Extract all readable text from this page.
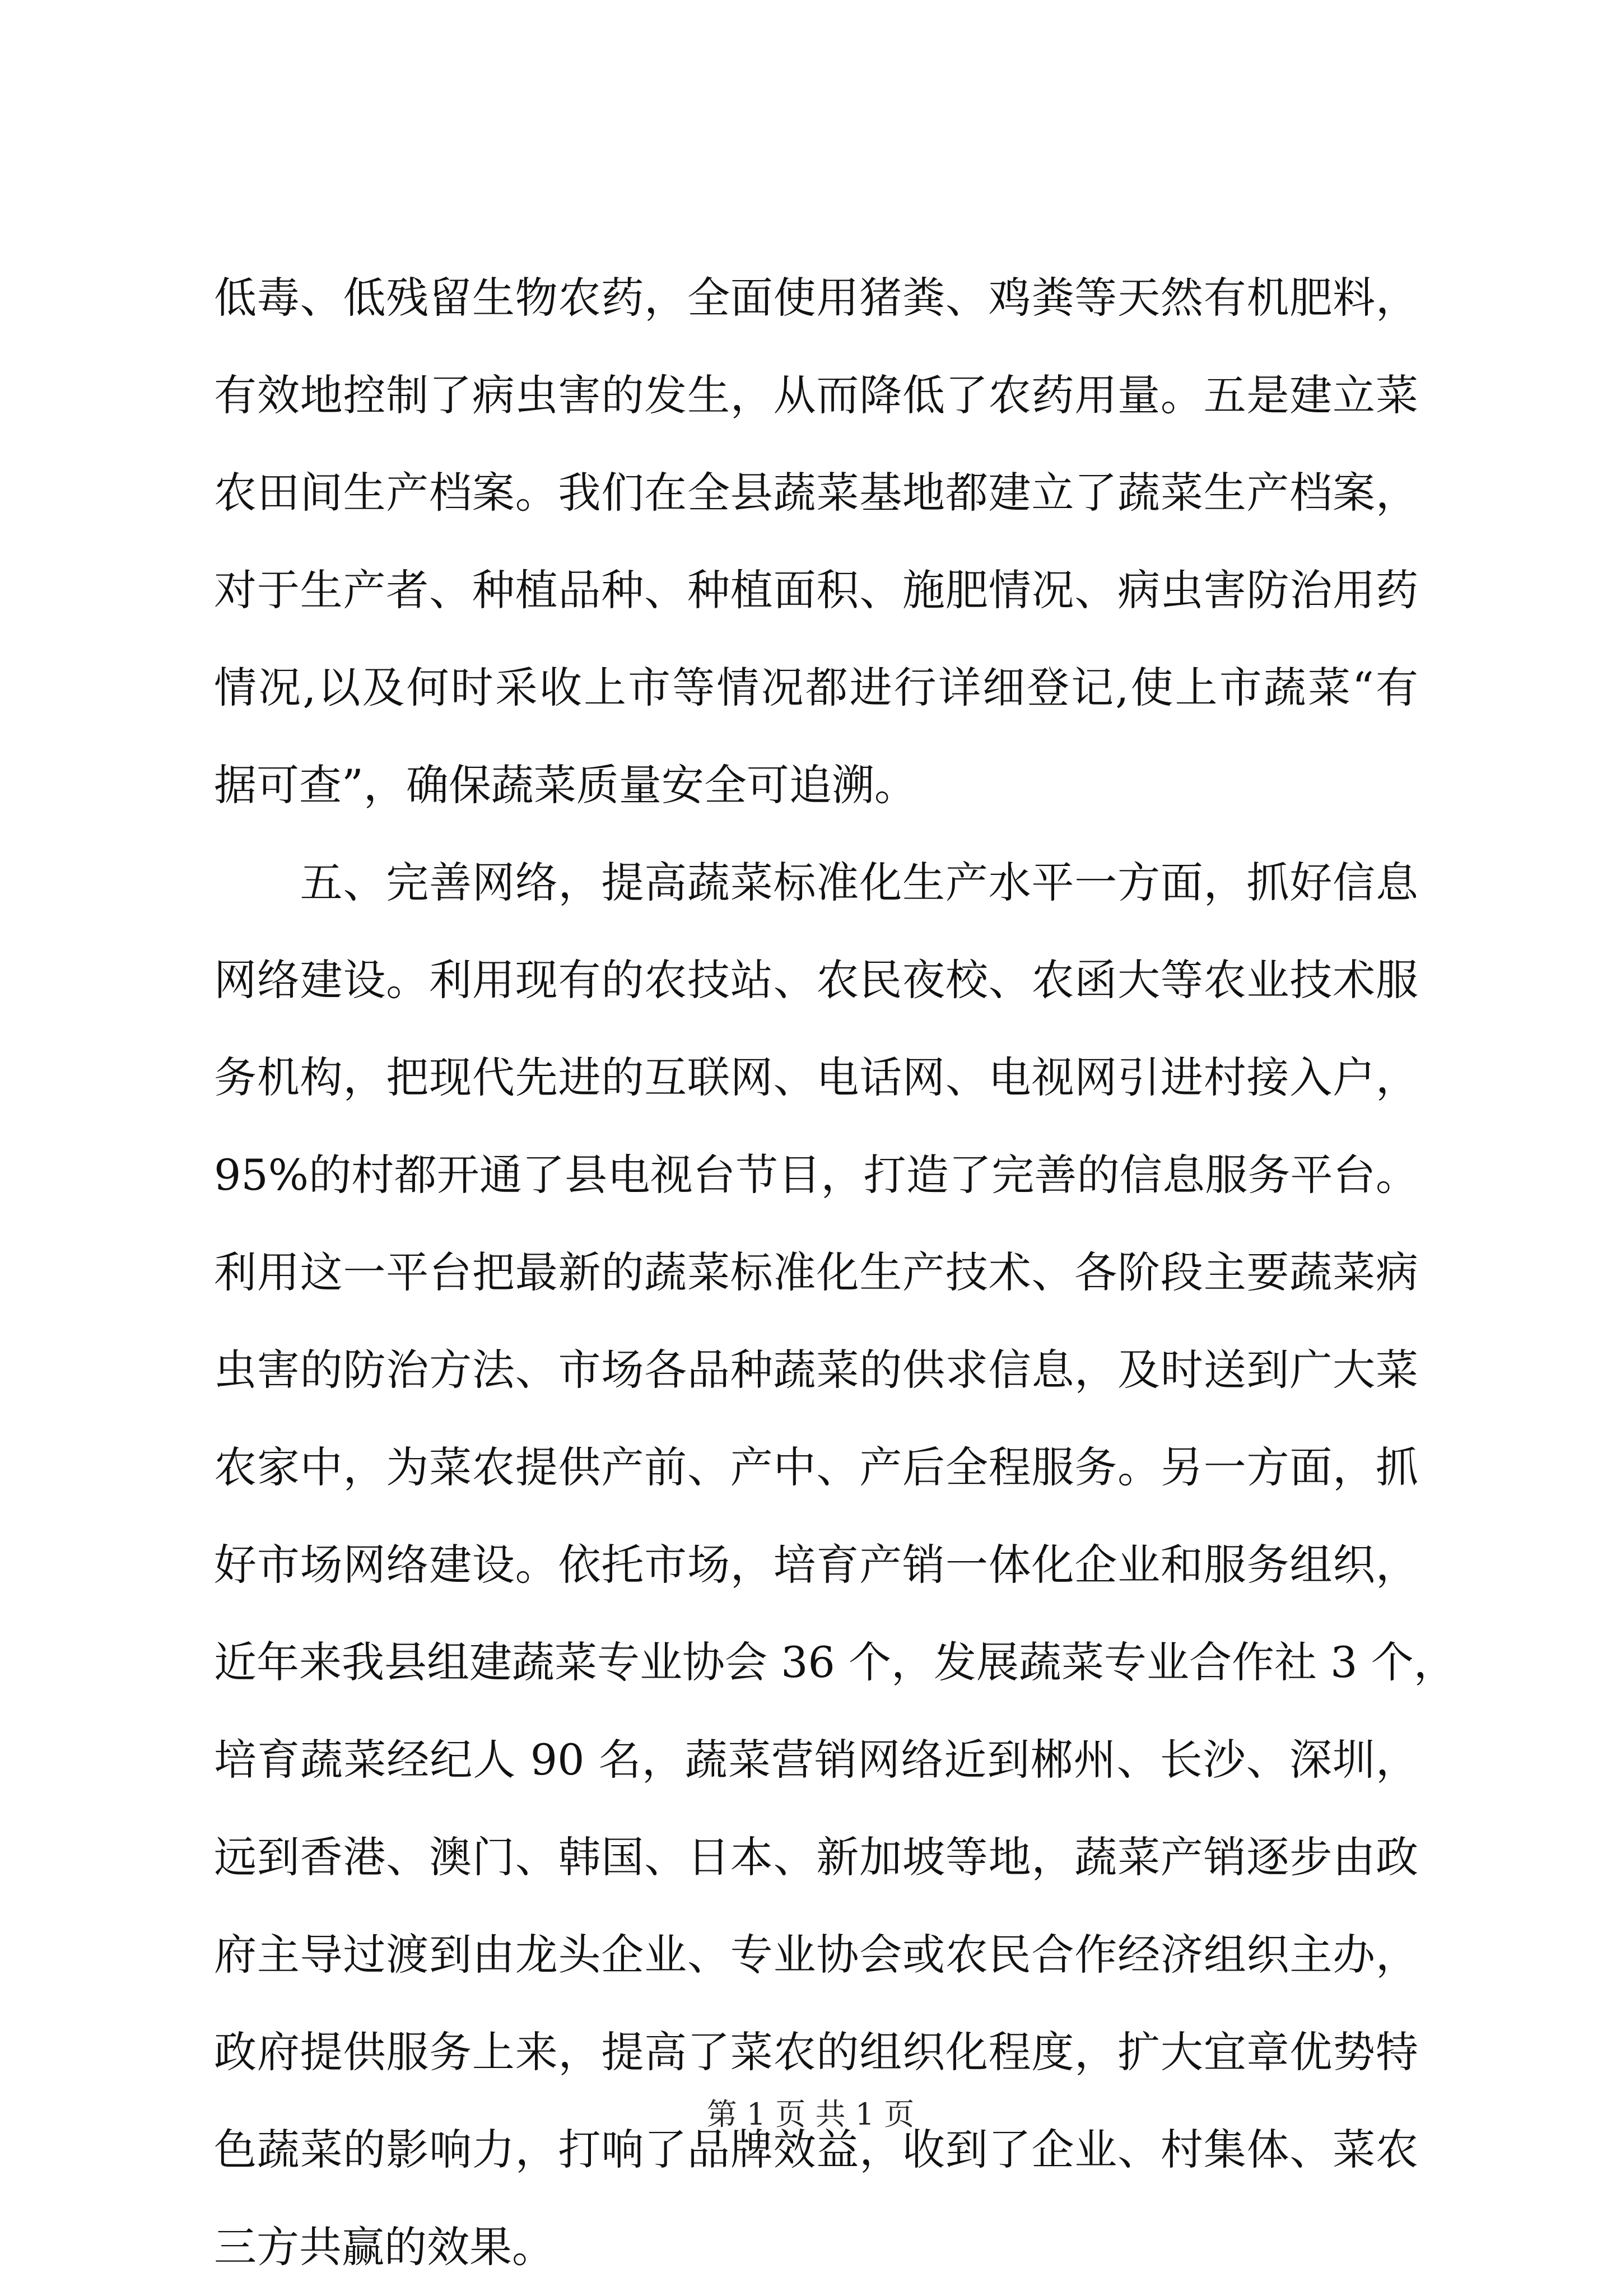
低毒、低残留生物农药，全面使用猪粪、鸡粪等天然有机肥料，
有效地控制了病虫害的发生，从而降低了农药用量。五是建立菜
农田间生产档案。我们在全县蔬菜基地都建立了蔬菜生产档案，
对于生产者、种植品种、种植面积、施肥情况、病虫害防治用药
情况,以及何时采收上市等情况都进行详细登记,使上市蔬菜“有
据可查”，确保蔬菜质量安全可追溯。
　　五、完善网络，提高蔬菜标准化生产水平一方面，抓好信息
网络建设。利用现有的农技站、农民夜校、农函大等农业技术服
务机构，把现代先进的互联网、电话网、电视网引进村接入户，
95%的村都开通了县电视台节目，打造了完善的信息服务平台。
利用这一平台把最新的蔬菜标准化生产技术、各阶段主要蔬菜病
虫害的防治方法、市场各品种蔬菜的供求信息，及时送到广大菜
农家中，为菜农提供产前、产中、产后全程服务。另一方面，抓
好市场网络建设。依托市场，培育产销一体化企业和服务组织，
近年来我县组建蔬菜专业协会 36 个，发展蔬菜专业合作社 3 个，
培育蔬菜经纪人 90 名，蔬菜营销网络近到郴州、长沙、深圳，
远到香港、澳门、韩国、日本、新加坡等地，蔬菜产销逐步由政
府主导过渡到由龙头企业、专业协会或农民合作经济组织主办，
政府提供服务上来，提高了菜农的组织化程度，扩大宜章优势特
色蔬菜的影响力，打响了品牌效益，收到了企业、村集体、菜农
三方共赢的效果。
第 1 页 共 1 页
